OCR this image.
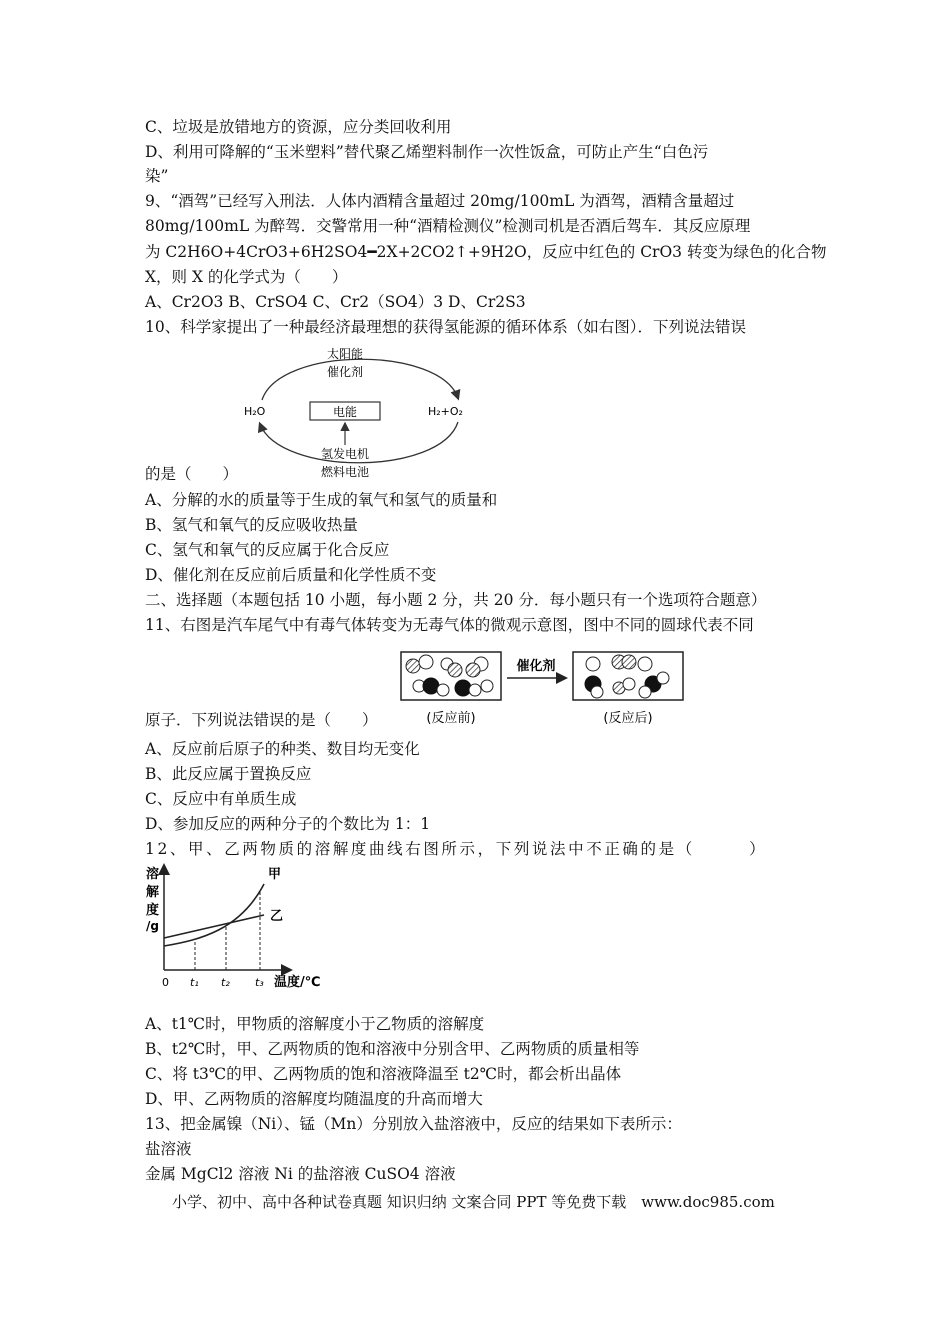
C、垃圾是放错地方的资源，应分类回收利用
D、利用可降解的“玉米塑料”替代聚乙烯塑料制作一次性饭盒，可防止产生“白色污
染”
9、“酒驾”已经写入刑法．人体内酒精含量超过 20mg/100mL 为酒驾，酒精含量超过
80mg/100mL 为醉驾．交警常用一种“酒精检测仪”检测司机是否酒后驾车．其反应原理
为 C2H6O+4CrO3+6H2SO4━2X+2CO2↑+9H2O，反应中红色的 CrO3 转变为绿色的化合物
X，则 X 的化学式为（　　）
A、Cr2O3 B、CrSO4 C、Cr2（SO4）3 D、Cr2S3
10、科学家提出了一种最经济最理想的获得氢能源的循环体系（如右图）．下列说法错误
太阳能
催化剂
H₂O	H₂+O₂
电能
氢发电机
燃料电池
的是（　　）
A、分解的水的质量等于生成的氧气和氢气的质量和
B、氢气和氧气的反应吸收热量
C、氢气和氧气的反应属于化合反应
D、催化剂在反应前后质量和化学性质不变
二、选择题（本题包括 10 小题，每小题 2 分，共 20 分．每小题只有一个选项符合题意）
11、右图是汽车尾气中有毒气体转变为无毒气体的微观示意图，图中不同的圆球代表不同
催化剂
(反应前)	(反应后)
原子．下列说法错误的是（　　）
A、反应前后原子的种类、数目均无变化
B、此反应属于置换反应
C、反应中有单质生成
D、参加反应的两种分子的个数比为 1：1
12、甲、乙两物质的溶解度曲线右图所示，下列说法中不正确的是（　　　）
溶
解
度
/g
0 t₁ t₂ t₃ 温度/℃
甲
乙
A、t1℃时，甲物质的溶解度小于乙物质的溶解度
B、t2℃时，甲、乙两物质的饱和溶液中分别含甲、乙两物质的质量相等
C、将 t3℃的甲、乙两物质的饱和溶液降温至 t2℃时，都会析出晶体
D、甲、乙两物质的溶解度均随温度的升高而增大
13、把金属镍（Ni）、锰（Mn）分别放入盐溶液中，反应的结果如下表所示：
盐溶液
金属 MgCl2 溶液 Ni 的盐溶液 CuSO4 溶液
小学、初中、高中各种试卷真题 知识归纳 文案合同 PPT 等免费下载　www.doc985.com
